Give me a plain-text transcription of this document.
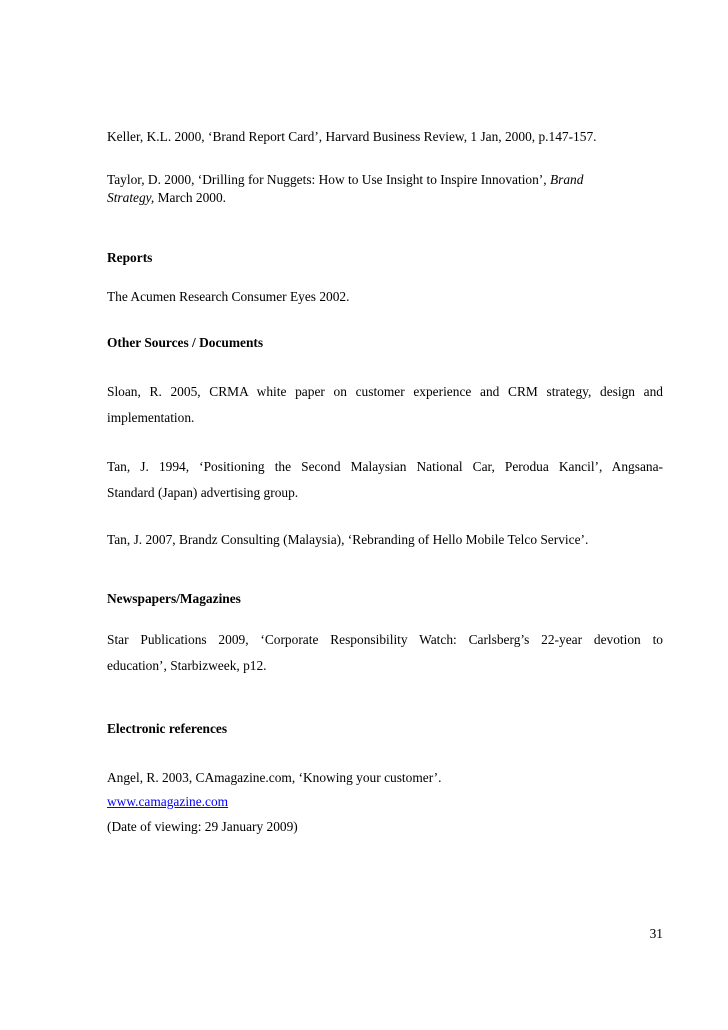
Keller, K.L. 2000, ‘Brand Report Card’, Harvard Business Review, 1 Jan, 2000, p.147-157.
Taylor, D. 2000, ‘Drilling for Nuggets: How to Use Insight to Inspire Innovation’, Brand
Strategy, March 2000.
Reports
The Acumen Research Consumer Eyes 2002.
Other Sources / Documents
Sloan, R. 2005, CRMA white paper on customer experience and CRM strategy, design and
implementation.
Tan, J. 1994, ‘Positioning the Second Malaysian National Car, Perodua Kancil’, Angsana-
Standard (Japan) advertising group.
Tan, J. 2007, Brandz Consulting (Malaysia), ‘Rebranding of Hello Mobile Telco Service’.
Newspapers/Magazines
Star Publications 2009, ‘Corporate Responsibility Watch: Carlsberg’s 22-year devotion to
education’, Starbizweek, p12.
Electronic references
Angel, R. 2003, CAmagazine.com, ‘Knowing your customer’.
www.camagazine.com
(Date of viewing: 29 January 2009)
31
